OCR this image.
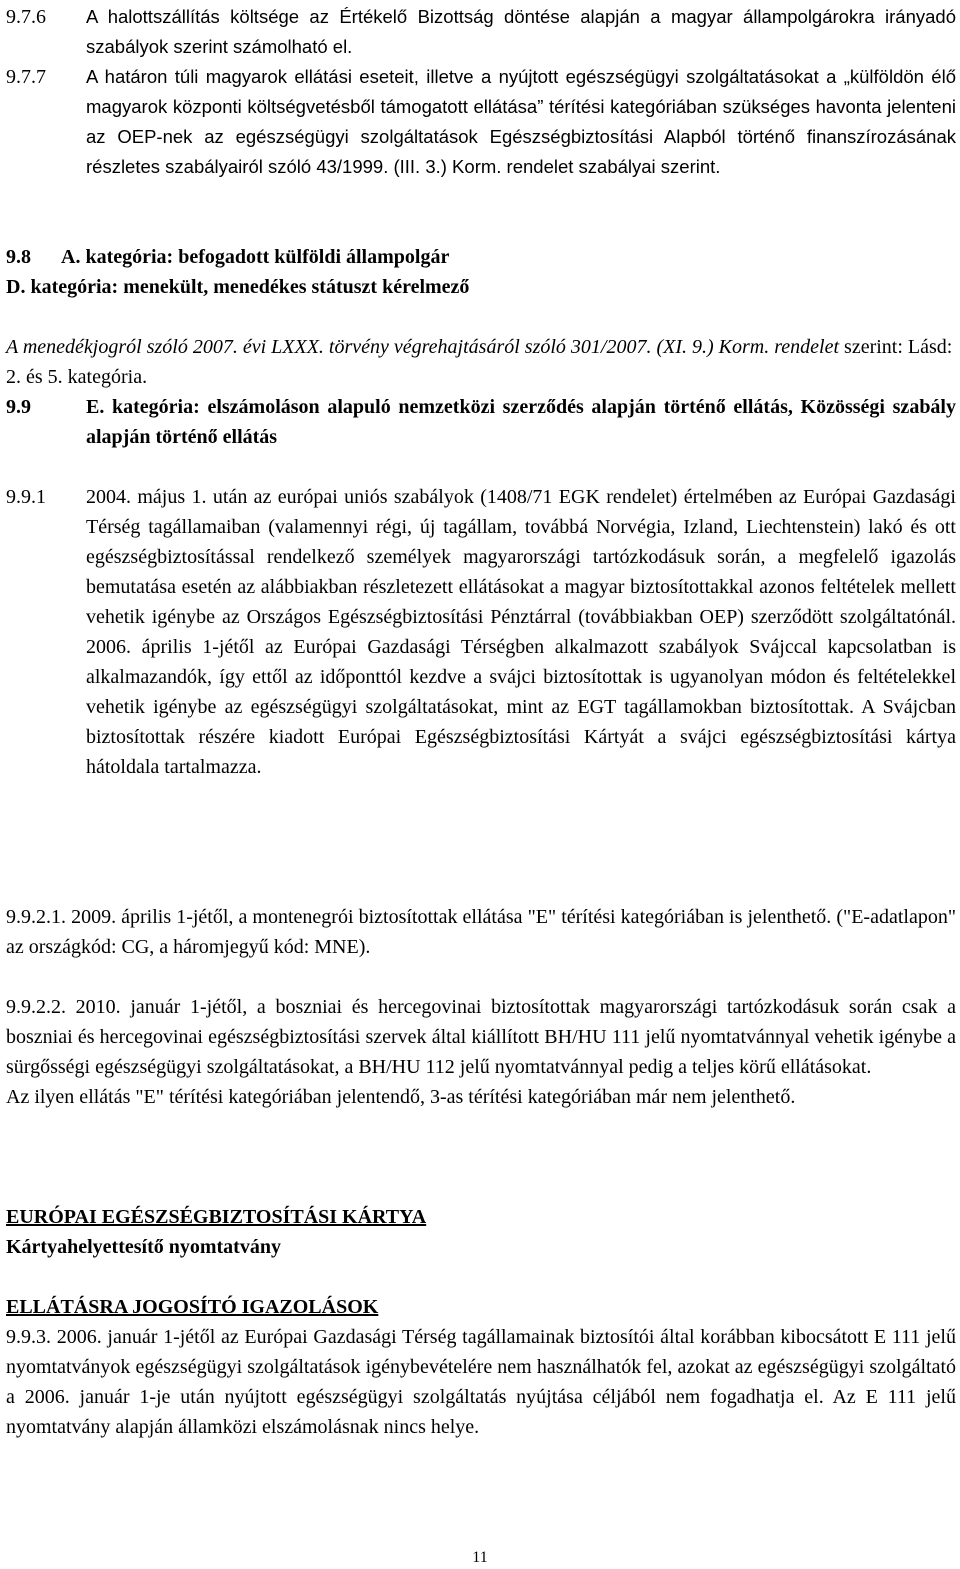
9.7.6	A halottszállítás költsége az Értékelő Bizottság döntése alapján a magyar állampolgárokra irányadó szabályok szerint számolható el.
9.7.7	A határon túli magyarok ellátási eseteit, illetve a nyújtott egészségügyi szolgáltatásokat a „külföldön élő magyarok központi költségvetésből támogatott ellátása” térítési kategóriában szükséges havonta jelenteni az OEP-nek az egészségügyi szolgáltatások Egészségbiztosítási Alapból történő finanszírozásának részletes szabályairól szóló 43/1999. (III. 3.) Korm. rendelet szabályai szerint.
9.8	A. kategória: befogadott külföldi állampolgár
D. kategória: menekült, menedékes státuszt kérelmező
A menedékjogról szóló 2007. évi LXXX. törvény végrehajtásáról szóló 301/2007. (XI. 9.) Korm. rendelet szerint: Lásd: 2. és 5. kategória.
9.9	E. kategória: elszámoláson alapuló nemzetközi szerződés alapján történő ellátás, Közösségi szabály alapján történő ellátás
9.9.1	2004. május 1. után az európai uniós szabályok (1408/71 EGK rendelet) értelmében az Európai Gazdasági Térség tagállamaiban (valamennyi régi, új tagállam, továbbá Norvégia, Izland, Liechtenstein) lakó és ott egészségbiztosítással rendelkező személyek magyarországi tartózkodásuk során, a megfelelő igazolás bemutatása esetén az alábbiakban részletezett ellátásokat a magyar biztosítottakkal azonos feltételek mellett vehetik igénybe az Országos Egészségbiztosítási Pénztárral (továbbiakban OEP) szerződött szolgáltatónál. 2006. április 1-jétől az Európai Gazdasági Térségben alkalmazott szabályok Svájccal kapcsolatban is alkalmazandók, így ettől az időponttól kezdve a svájci biztosítottak is ugyanolyan módon és feltételekkel vehetik igénybe az egészségügyi szolgáltatásokat, mint az EGT tagállamokban biztosítottak. A Svájcban biztosítottak részére kiadott Európai Egészségbiztosítási Kártyát a svájci egészségbiztosítási kártya hátoldala tartalmazza.
9.9.2.1. 2009. április 1-jétől, a montenegrói biztosítottak ellátása "E" térítési kategóriában is jelenthető. ("E-adatlapon" az országkód: CG, a háromjegyű kód: MNE).
9.9.2.2. 2010. január 1-jétől, a boszniai és hercegovinai biztosítottak magyarországi tartózkodásuk során csak a boszniai és hercegovinai egészségbiztosítási szervek által kiállított BH/HU 111 jelű nyomtatvánnyal vehetik igénybe a sürgősségi egészségügyi szolgáltatásokat, a BH/HU 112 jelű nyomtatvánnyal pedig a teljes körű ellátásokat.
Az ilyen ellátás "E" térítési kategóriában jelentendő, 3-as térítési kategóriában már nem jelenthető.
EURÓPAI EGÉSZSÉGBIZTOSÍTÁSI KÁRTYA
Kártyahelyettesítő nyomtatvány
ELLÁTÁSRA JOGOSÍTÓ IGAZOLÁSOK
9.9.3. 2006. január 1-jétől az Európai Gazdasági Térség tagállamainak biztosítói által korábban kibocsátott E 111 jelű nyomtatványok egészségügyi szolgáltatások igénybevételére nem használhatók fel, azokat az egészségügyi szolgáltató a 2006. január 1-je után nyújtott egészségügyi szolgáltatás nyújtása céljából nem fogadhatja el. Az E 111 jelű nyomtatvány alapján államközi elszámolásnak nincs helye.
11
